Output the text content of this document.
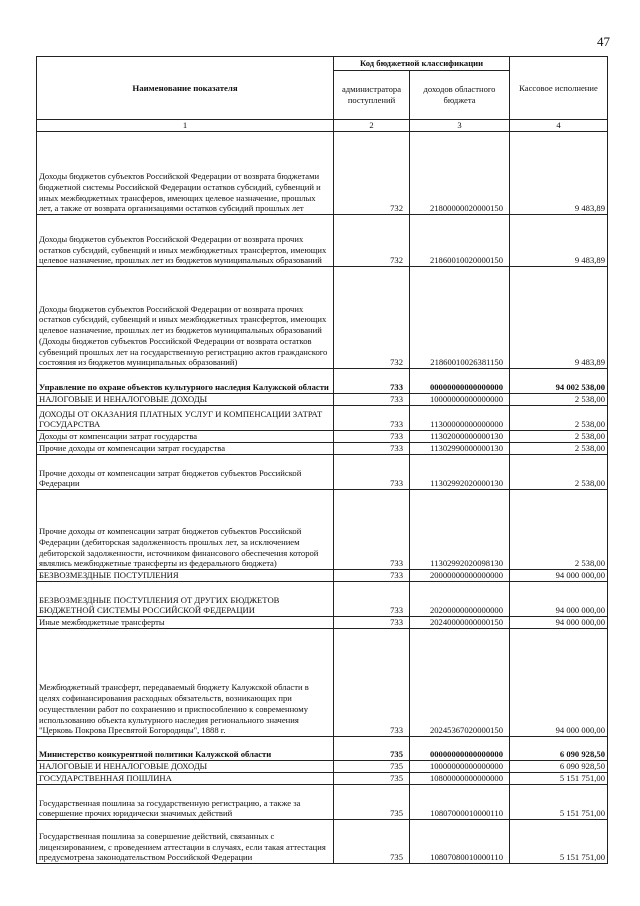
47
Наименование показателя	Код бюджетной классификации		Кассовое исполнение
	администратора поступлений	доходов областного бюджета	
1	2	3	4
Доходы бюджетов субъектов Российской Федерации от возврата бюджетами бюджетной системы Российской Федерации остатков субсидий, субвенций и иных межбюджетных трансферов, имеющих целевое назначение, прошлых лет, а также от возврата организациями остатков субсидий прошлых лет	732	21800000020000150	9 483,89
Доходы бюджетов субъектов Российской Федерации от возврата прочих остатков субсидий, субвенций и иных межбюджетных трансфертов, имеющих целевое назначение, прошлых лет из бюджетов муниципальных образований	732	21860010020000150	9 483,89
Доходы бюджетов субъектов Российской Федерации от возврата прочих остатков субсидий, субвенций и иных межбюджетных трансфертов, имеющих целевое назначение, прошлых лет из бюджетов муниципальных образований (Доходы бюджетов субъектов Российской Федерации от возврата остатков субвенций прошлых лет на государственную регистрацию актов гражданского состояния из бюджетов муниципальных образований)	732	21860010026381150	9 483,89
Управление по охране объектов культурного наследия Калужской области	733	00000000000000000	94 002 538,00
НАЛОГОВЫЕ И НЕНАЛОГОВЫЕ ДОХОДЫ	733	10000000000000000	2 538,00
ДОХОДЫ ОТ ОКАЗАНИЯ ПЛАТНЫХ УСЛУГ И КОМПЕНСАЦИИ ЗАТРАТ ГОСУДАРСТВА	733	11300000000000000	2 538,00
Доходы от компенсации затрат государства	733	11302000000000130	2 538,00
Прочие доходы от компенсации затрат государства	733	11302990000000130	2 538,00
Прочие доходы от компенсации затрат бюджетов субъектов Российской Федерации	733	11302992020000130	2 538,00
Прочие доходы от компенсации затрат бюджетов субъектов Российской Федерации (дебиторская задолженность прошлых лет, за исключением дебиторской задолженности, источником финансового обеспечения которой являлись межбюджетные трансферты из федерального бюджета)	733	11302992020098130	2 538,00
БЕЗВОЗМЕЗДНЫЕ ПОСТУПЛЕНИЯ	733	20000000000000000	94 000 000,00
БЕЗВОЗМЕЗДНЫЕ ПОСТУПЛЕНИЯ ОТ ДРУГИХ БЮДЖЕТОВ БЮДЖЕТНОЙ СИСТЕМЫ РОССИЙСКОЙ ФЕДЕРАЦИИ	733	20200000000000000	94 000 000,00
Иные межбюджетные трансферты	733	20240000000000150	94 000 000,00
Межбюджетный трансферт, передаваемый бюджету Калужской области в целях софинансирования расходных обязательств, возникающих при осуществлении работ по сохранению и приспособлению к современному использованию объекта культурного наследия регионального значения "Церковь Покрова Пресвятой Богородицы", 1888 г.	733	20245367020000150	94 000 000,00
Министерство конкурентной политики Калужской области	735	00000000000000000	6 090 928,50
НАЛОГОВЫЕ И НЕНАЛОГОВЫЕ ДОХОДЫ	735	10000000000000000	6 090 928,50
ГОСУДАРСТВЕННАЯ ПОШЛИНА	735	10800000000000000	5 151 751,00
Государственная пошлина за государственную регистрацию, а также за совершение прочих юридически значимых действий	735	10807000010000110	5 151 751,00
Государственная пошлина за совершение действий, связанных с лицензированием, с проведением аттестации в случаях, если такая аттестация предусмотрена законодательством Российской Федерации	735	10807080010000110	5 151 751,00
